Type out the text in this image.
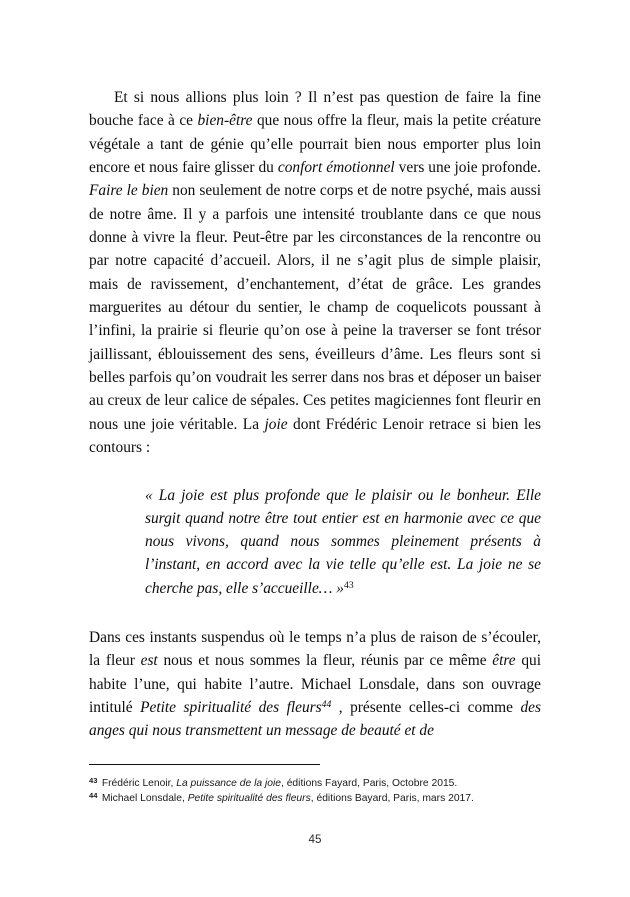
Et si nous allions plus loin ? Il n’est pas question de faire la fine bouche face à ce bien-être que nous offre la fleur, mais la petite créature végétale a tant de génie qu’elle pourrait bien nous emporter plus loin encore et nous faire glisser du confort émotionnel vers une joie profonde. Faire le bien non seulement de notre corps et de notre psyché, mais aussi de notre âme. Il y a parfois une intensité troublante dans ce que nous donne à vivre la fleur. Peut-être par les circonstances de la rencontre ou par notre capacité d’accueil. Alors, il ne s’agit plus de simple plaisir, mais de ravissement, d’enchantement, d’état de grâce. Les grandes marguerites au détour du sentier, le champ de coquelicots poussant à l’infini, la prairie si fleurie qu’on ose à peine la traverser se font trésor jaillissant, éblouissement des sens, éveilleurs d’âme. Les fleurs sont si belles parfois qu’on voudrait les serrer dans nos bras et déposer un baiser au creux de leur calice de sépales. Ces petites magiciennes font fleurir en nous une joie véritable. La joie dont Frédéric Lenoir retrace si bien les contours :

« La joie est plus profonde que le plaisir ou le bonheur. Elle surgit quand notre être tout entier est en harmonie avec ce que nous vivons, quand nous sommes pleinement présents à l’instant, en accord avec la vie telle qu’elle est. La joie ne se cherche pas, elle s’accueille… »$^{43}$

Dans ces instants suspendus où le temps n’a plus de raison de s’écouler, la fleur est nous et nous sommes la fleur, réunis par ce même être qui habite l’une, qui habite l’autre. Michael Lonsdale, dans son ouvrage intitulé Petite spiritualité des fleurs$^{44}$ , présente celles-ci comme des anges qui nous transmettent un message de beauté et de

$^{43}$ Frédéric Lenoir, La puissance de la joie, éditions Fayard, Paris, Octobre 2015.

$^{44}$ Michael Lonsdale, Petite spiritualité des fleurs, éditions Bayard, Paris, mars 2017.

45
